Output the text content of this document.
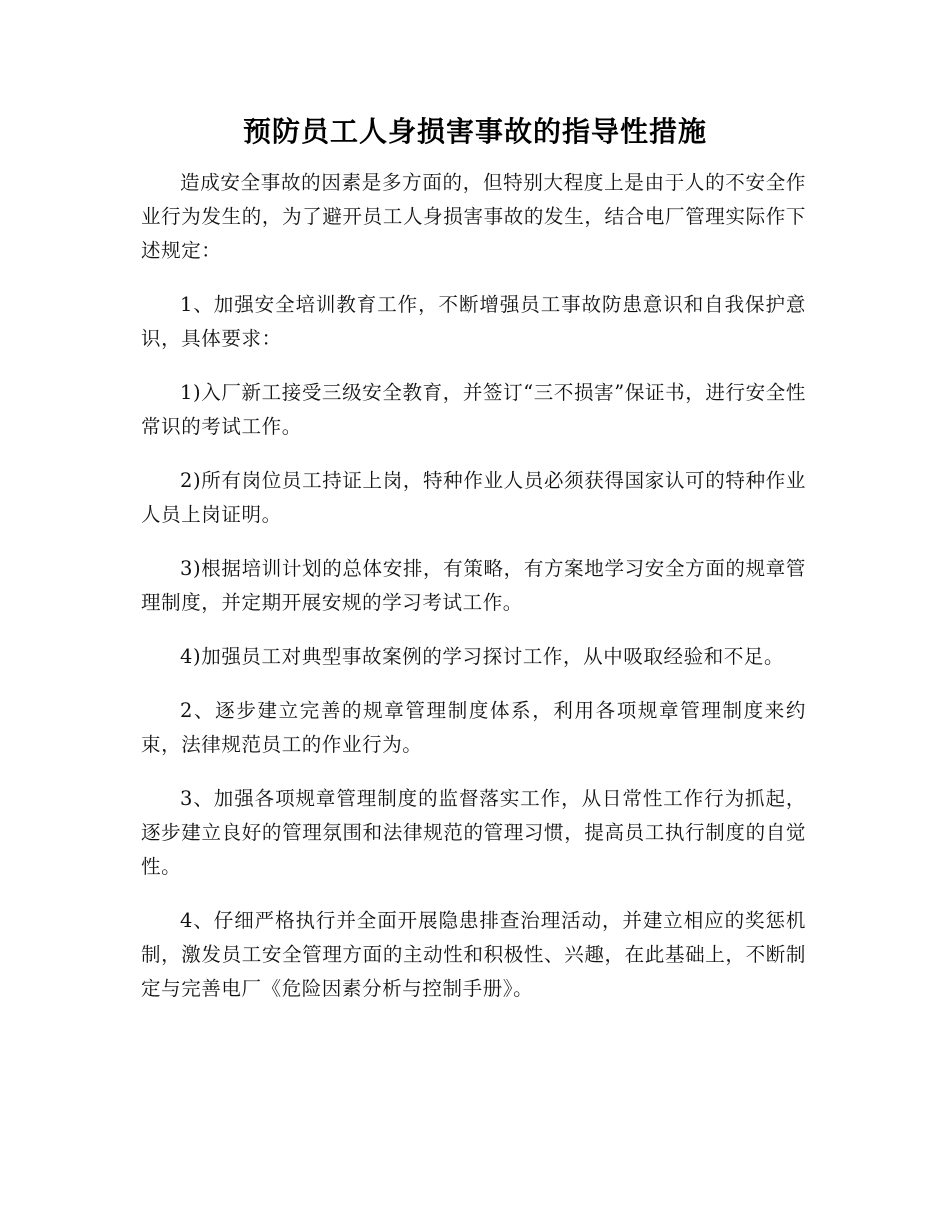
预防员工人身损害事故的指导性措施

造成安全事故的因素是多方面的，但特别大程度上是由于人的不安全作业行为发生的，为了避开员工人身损害事故的发生，结合电厂管理实际作下述规定：

1、加强安全培训教育工作，不断增强员工事故防患意识和自我保护意识，具体要求：

1)入厂新工接受三级安全教育，并签订“三不损害”保证书，进行安全性常识的考试工作。

2)所有岗位员工持证上岗，特种作业人员必须获得国家认可的特种作业人员上岗证明。

3)根据培训计划的总体安排，有策略，有方案地学习安全方面的规章管理制度，并定期开展安规的学习考试工作。

4)加强员工对典型事故案例的学习探讨工作，从中吸取经验和不足。

2、逐步建立完善的规章管理制度体系，利用各项规章管理制度来约束，法律规范员工的作业行为。

3、加强各项规章管理制度的监督落实工作，从日常性工作行为抓起，逐步建立良好的管理氛围和法律规范的管理习惯，提高员工执行制度的自觉性。

4、仔细严格执行并全面开展隐患排查治理活动，并建立相应的奖惩机制，激发员工安全管理方面的主动性和积极性、兴趣，在此基础上，不断制定与完善电厂《危险因素分析与控制手册》。
